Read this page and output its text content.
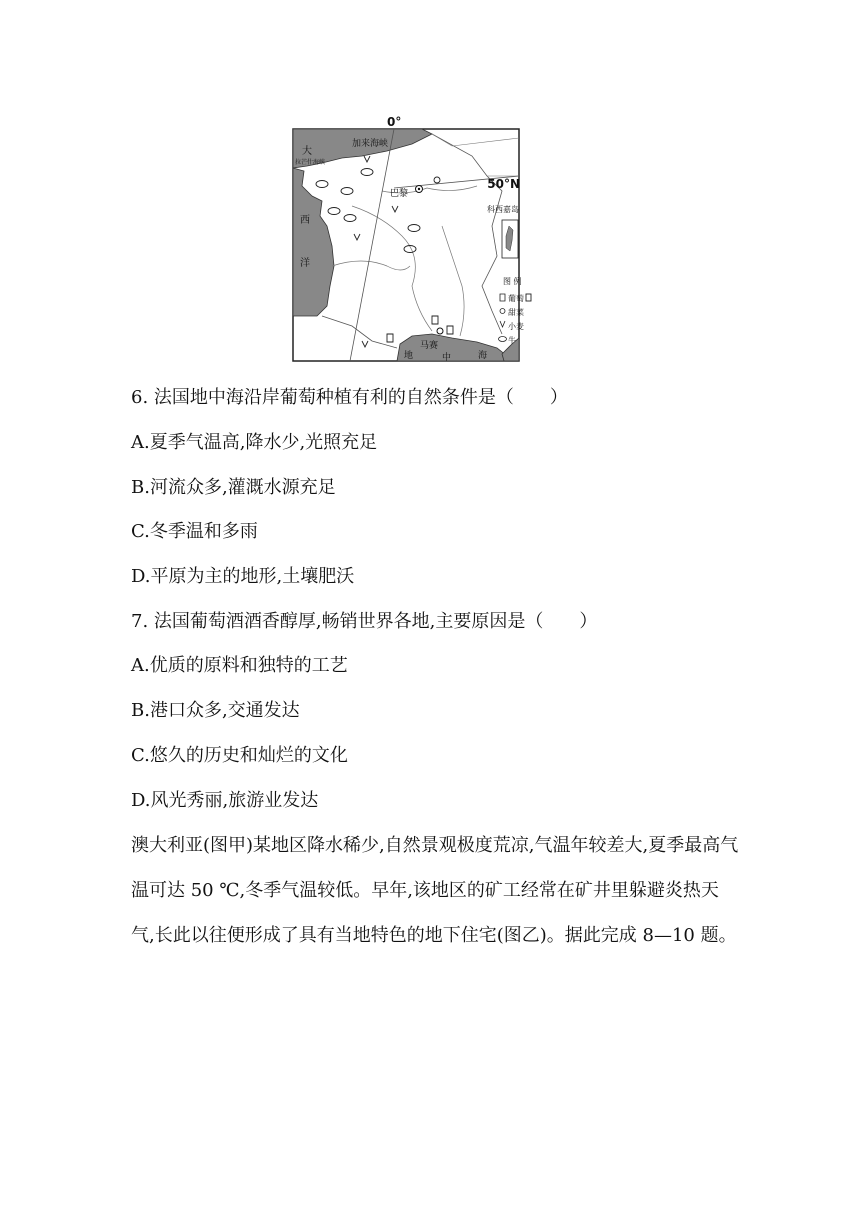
0°
50°N
大
加来海峡
拉芒什海峡
西
洋
巴黎
科西嘉岛
马赛
地	中	海
图 例
葡萄
甜菜
小麦
牛
6. 法国地中海沿岸葡萄种植有利的自然条件是（　　）
A.夏季气温高,降水少,光照充足
B.河流众多,灌溉水源充足
C.冬季温和多雨
D.平原为主的地形,土壤肥沃
7. 法国葡萄酒酒香醇厚,畅销世界各地,主要原因是（　　）
A.优质的原料和独特的工艺
B.港口众多,交通发达
C.悠久的历史和灿烂的文化
D.风光秀丽,旅游业发达
澳大利亚(图甲)某地区降水稀少,自然景观极度荒凉,气温年较差大,夏季最高气温可达 50 ℃,冬季气温较低。早年,该地区的矿工经常在矿井里躲避炎热天气,长此以往便形成了具有当地特色的地下住宅(图乙)。据此完成 8—10 题。
